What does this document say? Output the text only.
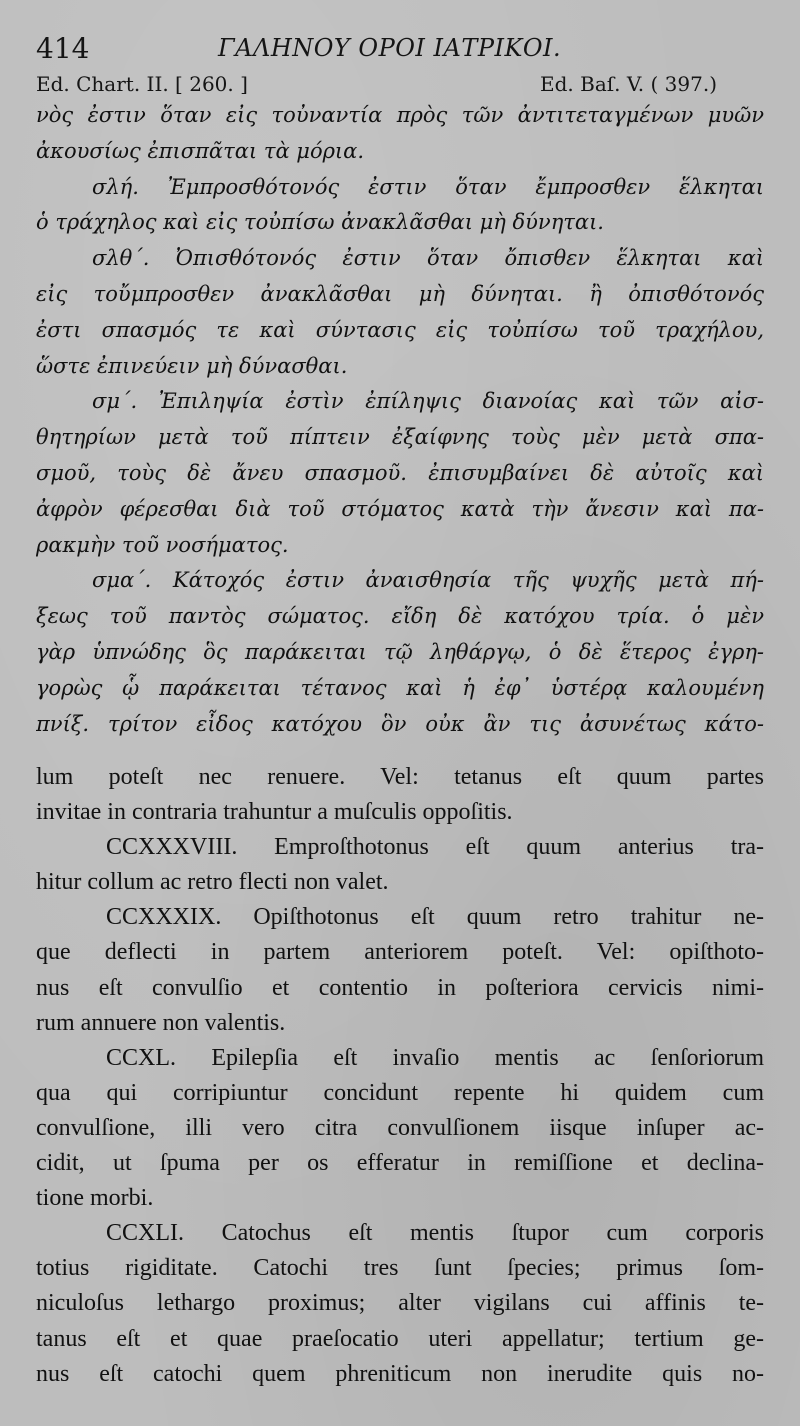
414	ΓΑΛΗΝΟΥ ΟΡΟΙ ΙΑΤΡΙΚΟΙ.
Ed. Chart. II. [ 260. ]	Ed. Baſ. V. ( 397.)
νὸς ἐστιν ὅταν εἰς τοὐναντία πρὸς τῶν ἀντιτεταγμένων μυῶν
ἀκουσίως ἐπισπᾶται τὰ μόρια.
σλή. Ἐμπροσθότονός ἐστιν ὅταν ἔμπροσθεν ἕλκηται
ὁ τράχηλος καὶ εἰς τοὐπίσω ἀνακλᾶσθαι μὴ δύνηται.
σλθ΄. Ὀπισθότονός ἐστιν ὅταν ὄπισθεν ἕλκηται καὶ
εἰς τοὔμπροσθεν ἀνακλᾶσθαι μὴ δύνηται. ἢ ὀπισθότονός
ἐστι σπασμός τε καὶ σύντασις εἰς τοὐπίσω τοῦ τραχήλου,
ὥστε ἐπινεύειν μὴ δύνασθαι.
σμ΄. Ἐπιληψία ἐστὶν ἐπίληψις διανοίας καὶ τῶν αἰσ-
θητηρίων μετὰ τοῦ πίπτειν ἐξαίφνης τοὺς μὲν μετὰ σπα-
σμοῦ, τοὺς δὲ ἄνευ σπασμοῦ. ἐπισυμβαίνει δὲ αὐτοῖς καὶ
ἀφρὸν φέρεσθαι διὰ τοῦ στόματος κατὰ τὴν ἄνεσιν καὶ πα-
ρακμὴν τοῦ νοσήματος.
σμα΄. Κάτοχός ἐστιν ἀναισθησία τῆς ψυχῆς μετὰ πή-
ξεως τοῦ παντὸς σώματος. εἴδη δὲ κατόχου τρία. ὁ μὲν
γὰρ ὑπνώδης ὃς παράκειται τῷ ληθάργῳ, ὁ δὲ ἕτερος ἐγρη-
γορὼς ᾧ παράκειται τέτανος καὶ ἡ ἐφ᾽ ὑστέρᾳ καλουμένη
πνίξ. τρίτον εἶδος κατόχου ὃν οὐκ ἂν τις ἀσυνέτως κάτο-
lum poteſt nec renuere. Vel: tetanus eſt quum partes
invitae in contraria trahuntur a muſculis oppoſitis.
CCXXXVIII. Emproſthotonus eſt quum anterius tra-
hitur collum ac retro flecti non valet.
CCXXXIX. Opiſthotonus eſt quum retro trahitur ne-
que deflecti in partem anteriorem poteſt. Vel: opiſthoto-
nus eſt convulſio et contentio in poſteriora cervicis nimi-
rum annuere non valentis.
CCXL. Epilepſia eſt invaſio mentis ac ſenſoriorum
qua qui corripiuntur concidunt repente hi quidem cum
convulſione, illi vero citra convulſionem iisque inſuper ac-
cidit, ut ſpuma per os efferatur in remiſſione et declina-
tione morbi.
CCXLI. Catochus eſt mentis ſtupor cum corporis
totius rigiditate. Catochi tres ſunt ſpecies; primus ſom-
niculoſus lethargo proximus; alter vigilans cui affinis te-
tanus eſt et quae praeſocatio uteri appellatur; tertium ge-
nus eſt catochi quem phreniticum non inerudite quis no-
